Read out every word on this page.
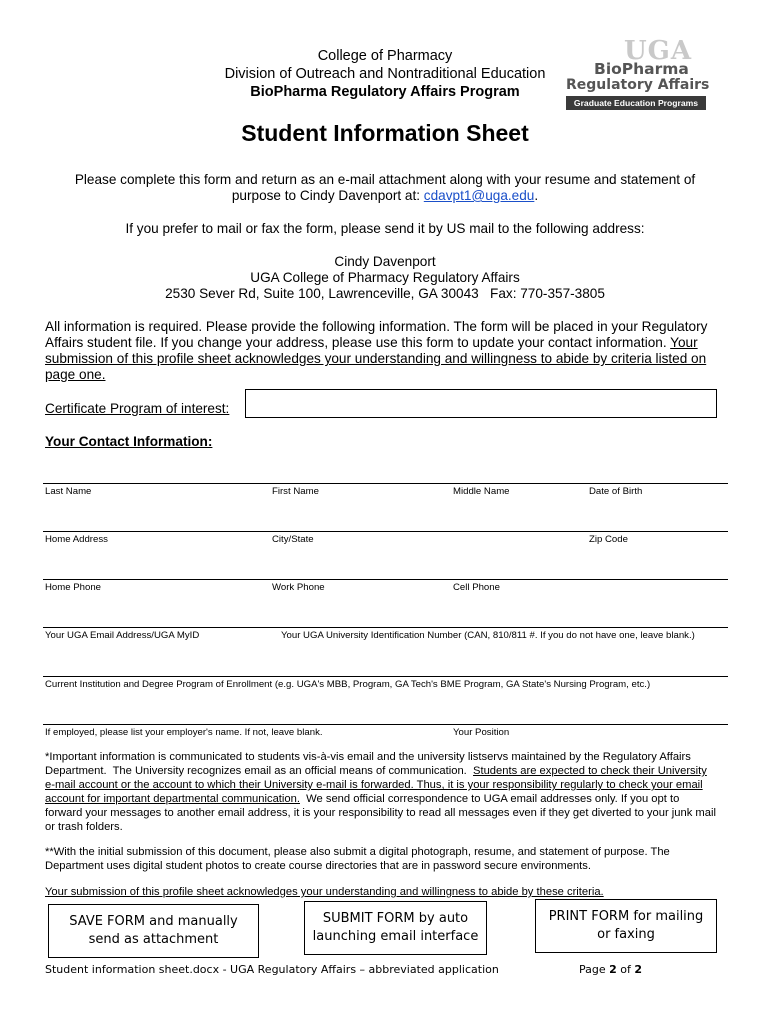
College of Pharmacy
Division of Outreach and Nontraditional Education
BioPharma Regulatory Affairs Program
UGA
BioPharma
Regulatory Affairs
Graduate Education Programs
Student Information Sheet
Please complete this form and return as an e-mail attachment along with your resume and statement of
purpose to Cindy Davenport at: cdavpt1@uga.edu.
If you prefer to mail or fax the form, please send it by US mail to the following address:
Cindy Davenport
UGA College of Pharmacy Regulatory Affairs
2530 Sever Rd, Suite 100, Lawrenceville, GA 30043   Fax: 770-357-3805
All information is required. Please provide the following information. The form will be placed in your Regulatory
Affairs student file. If you change your address, please use this form to update your contact information. Your
submission of this profile sheet acknowledges your understanding and willingness to abide by criteria listed on
page one.
Certificate Program of interest:
Your Contact Information:
Last Name	First Name	Middle Name	Date of Birth
Home Address	City/State	Zip Code
Home Phone	Work Phone	Cell Phone
Your UGA Email Address/UGA MyID	Your UGA University Identification Number (CAN, 810/811 #. If you do not have one, leave blank.)
Current Institution and Degree Program of Enrollment (e.g. UGA's MBB, Program, GA Tech's BME Program, GA State's Nursing Program, etc.)
If employed, please list your employer's name. If not, leave blank.	Your Position
*Important information is communicated to students vis-à-vis email and the university listservs maintained by the Regulatory Affairs
Department.  The University recognizes email as an official means of communication.  Students are expected to check their University
e-mail account or the account to which their University e-mail is forwarded. Thus, it is your responsibility regularly to check your email
account for important departmental communication.  We send official correspondence to UGA email addresses only. If you opt to
forward your messages to another email address, it is your responsibility to read all messages even if they get diverted to your junk mail
or trash folders.
**With the initial submission of this document, please also submit a digital photograph, resume, and statement of purpose. The
Department uses digital student photos to create course directories that are in password secure environments.
Your submission of this profile sheet acknowledges your understanding and willingness to abide by these criteria.
SAVE FORM and manually
send as attachment
SUBMIT FORM by auto
launching email interface
PRINT FORM for mailing
or faxing
Student information sheet.docx - UGA Regulatory Affairs – abbreviated application	Page 2 of 2
